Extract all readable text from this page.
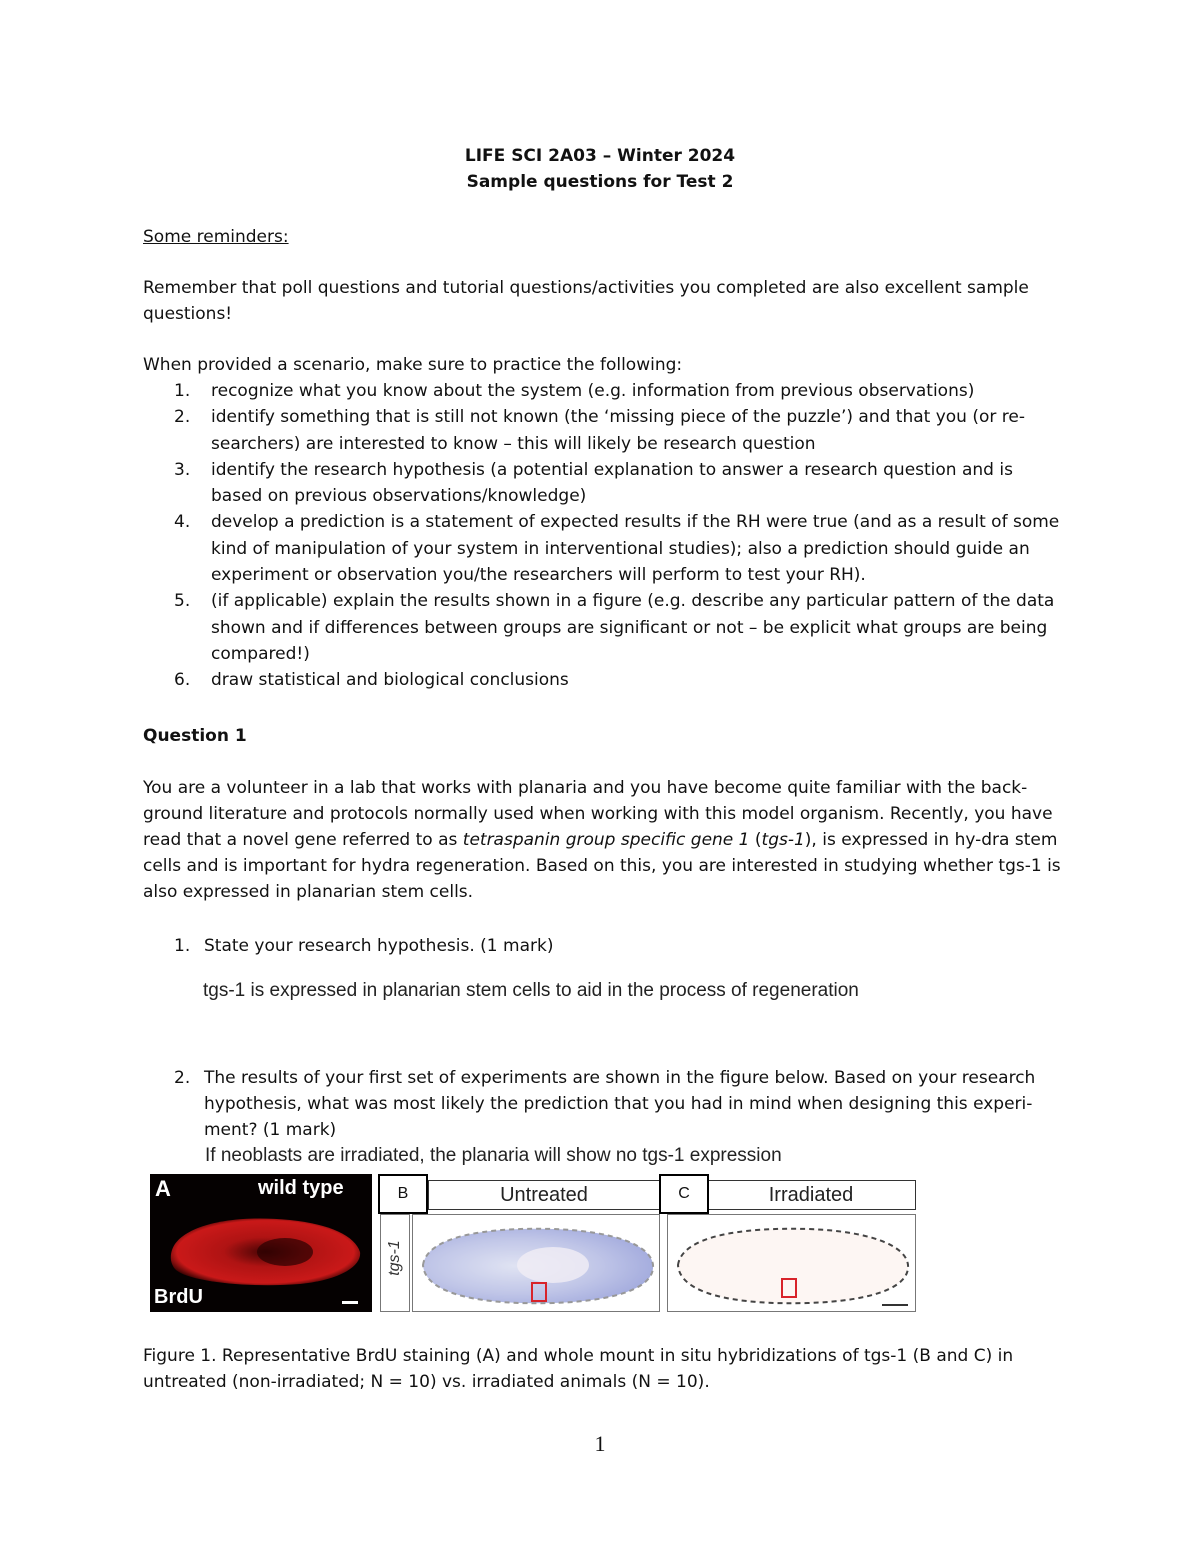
LIFE SCI 2A03 – Winter 2024
Sample questions for Test 2

Some reminders:

Remember that poll questions and tutorial questions/activities you completed are also excellent sample questions!

When provided a scenario, make sure to practice the following:

1. recognize what you know about the system (e.g. information from previous observations)
2. identify something that is still not known (the ‘missing piece of the puzzle’) and that you (or re-searchers) are interested to know – this will likely be research question
3. identify the research hypothesis (a potential explanation to answer a research question and is based on previous observations/knowledge)
4. develop a prediction is a statement of expected results if the RH were true (and as a result of some kind of manipulation of your system in interventional studies); also a prediction should guide an experiment or observation you/the researchers will perform to test your RH).
5. (if applicable) explain the results shown in a figure (e.g. describe any particular pattern of the data shown and if differences between groups are significant or not – be explicit what groups are being compared!)
6. draw statistical and biological conclusions

Question 1

You are a volunteer in a lab that works with planaria and you have become quite familiar with the back-ground literature and protocols normally used when working with this model organism. Recently, you have read that a novel gene referred to as tetraspanin group specific gene 1 (tgs-1), is expressed in hy-dra stem cells and is important for hydra regeneration. Based on this, you are interested in studying whether tgs-1 is also expressed in planarian stem cells.

1. State your research hypothesis. (1 mark)
tgs-1 is expressed in planarian stem cells to aid in the process of regeneration
2. The results of your first set of experiments are shown in the figure below. Based on your research hypothesis, what was most likely the prediction that you had in mind when designing this experi-ment? (1 mark)
If neoblasts are irradiated, the planaria will show no tgs-1 expression
A	wild type
BrdU
Untreated	Irradiated
B	C
tgs-1
Figure 1. Representative BrdU staining (A) and whole mount in situ hybridizations of tgs-1 (B and C) in untreated (non-irradiated; N = 10) vs. irradiated animals (N = 10).
1
